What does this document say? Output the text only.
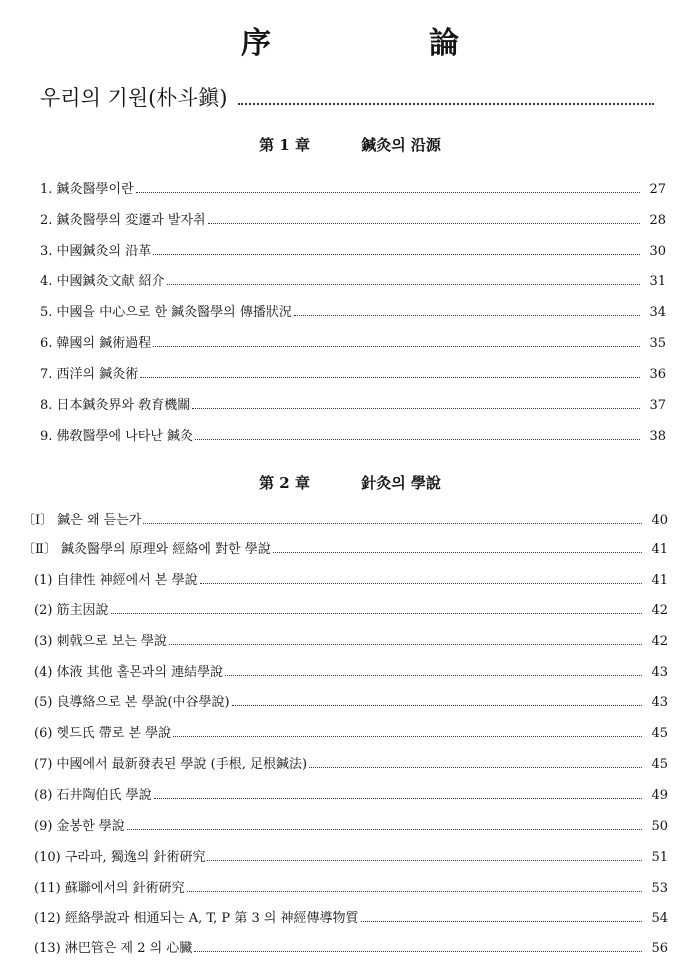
序　論
우리의 기원(朴斗鎭)
第 1 章	鍼灸의 沿源
1. 鍼灸醫學이란	27
2. 鍼灸醫學의 変遷과 발자취	28
3. 中國鍼灸의 沿革	30
4. 中國鍼灸文献 紹介	31
5. 中國을 中心으로 한 鍼灸醫學의 傳播狀況	34
6. 韓國의 鍼術過程	35
7. 西洋의 鍼灸術	36
8. 日本鍼灸界와 敎育機關	37
9. 佛敎醫學에 나타난 鍼灸	38
第 2 章	針灸의 學說
〔Ⅰ〕 鍼은 왜 듣는가	40
〔Ⅱ〕 鍼灸醫學의 原理와 經絡에 對한 學說	41
(1) 自律性 神經에서 본 學說	41
(2) 筋主因說	42
(3) 刺戟으로 보는 學說	42
(4) 体液 其他 홀몬과의 連結學說	43
(5) 良導絡으로 본 學說(中谷學說)	43
(6) 헷드氏 帶로 본 學說	45
(7) 中國에서 最新發表된 學說 (手根, 足根鍼法)	45
(8) 石井陶伯氏 學說	49
(9) 金봉한 學說	50
(10) 구라파, 獨逸의 針術硏究	51
(11) 蘇聯에서의 針術硏究	53
(12) 經絡學說과 相通되는 A, T, P 第 3 의 神經傳導物質	54
(13) 淋巴管은 제 2 의 心臟	56
